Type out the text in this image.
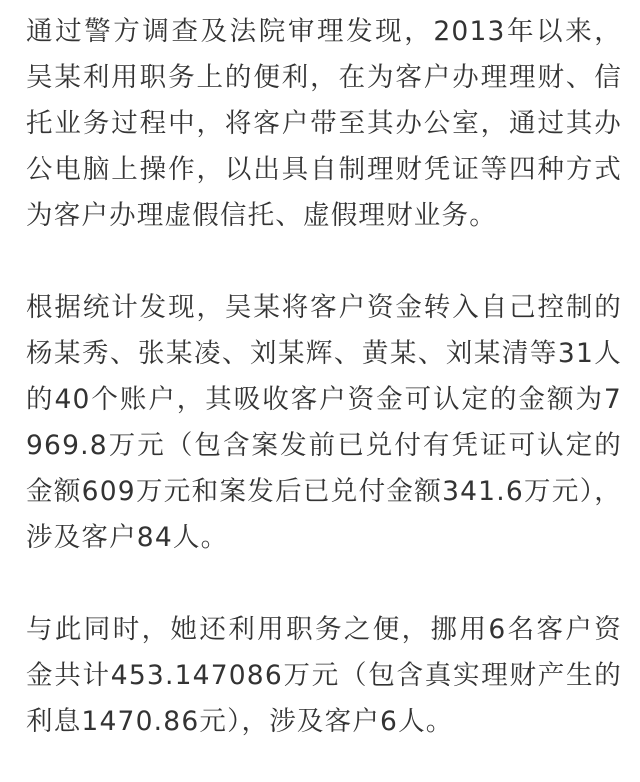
通过警方调查及法院审理发现，2013年以来，吴某利用职务上的便利，在为客户办理理财、信托业务过程中，将客户带至其办公室，通过其办公电脑上操作，以出具自制理财凭证等四种方式为客户办理虚假信托、虚假理财业务。

根据统计发现，吴某将客户资金转入自己控制的杨某秀、张某凌、刘某辉、黄某、刘某清等31人的40个账户，其吸收客户资金可认定的金额为7969.8万元（包含案发前已兑付有凭证可认定的金额609万元和案发后已兑付金额341.6万元），涉及客户84人。

与此同时，她还利用职务之便，挪用6名客户资金共计453.147086万元（包含真实理财产生的利息1470.86元），涉及客户6人。
